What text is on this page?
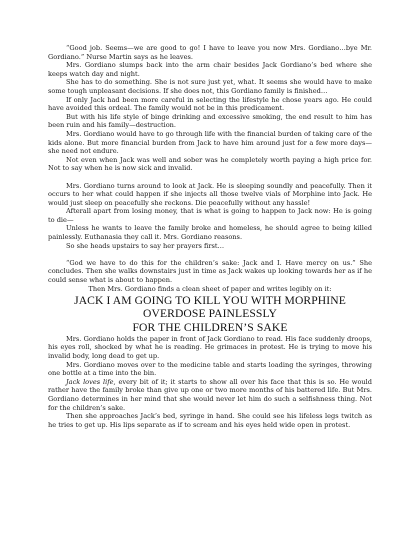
“Good job. Seems—we are good to go! I have to leave you now Mrs. Gordiano…bye Mr. Gordiano.” Nurse Martin says as he leaves.

Mrs. Gordiano slumps back into the arm chair besides Jack Gordiano’s bed where she keeps watch day and night.

She has to do something. She is not sure just yet, what. It seems she would have to make some tough unpleasant decisions. If she does not, this Gordiano family is finished…

If only Jack had been more careful in selecting the lifestyle he chose years ago. He could have avoided this ordeal. The family would not be in this predicament.

But with his life style of binge drinking and excessive smoking, the end result to him has been ruin and his family—destruction.

Mrs. Gordiano would have to go through life with the financial burden of taking care of the kids alone. But more financial burden from Jack to have him around just for a few more days—she need not endure.

Not even when Jack was well and sober was he completely worth paying a high price for. Not to say when he is now sick and invalid.

Mrs. Gordiano turns around to look at Jack. He is sleeping soundly and peacefully. Then it occurs to her what could happen if she injects all those twelve vials of Morphine into Jack. He would just sleep on peacefully she reckons. Die peacefully without any hassle!

Afterall apart from losing money, that is what is going to happen to Jack now: He is going to die—

Unless he wants to leave the family broke and homeless, he should agree to being killed painlessly. Euthanasia they call it. Mrs. Gordiano reasons.

So she heads upstairs to say her prayers first…

“God we have to do this for the children’s sake: Jack and I. Have mercy on us.” She concludes. Then she walks downstairs just in time as Jack wakes up looking towards her as if he could sense what is about to happen.

Then Mrs. Gordiano finds a clean sheet of paper and writes legibly on it:

JACK I AM GOING TO KILL YOU WITH MORPHINE
OVERDOSE PAINLESSLY
FOR THE CHILDREN’S SAKE

Mrs. Gordiano holds the paper in front of Jack Gordiano to read. His face suddenly droops, his eyes roll, shocked by what he is reading. He grimaces in protest. He is trying to move his invalid body, long dead to get up.

Mrs. Gordiano moves over to the medicine table and starts loading the syringes, throwing one bottle at a time into the bin.

Jack loves life, every bit of it; it starts to show all over his face that this is so. He would rather have the family broke than give up one or two more months of his battered life. But Mrs. Gordiano determines in her mind that she would never let him do such a selfishness thing. Not for the children’s sake.

Then she approaches Jack’s bed, syringe in hand. She could see his lifeless legs twitch as he tries to get up. His lips separate as if to scream and his eyes held wide open in protest.
